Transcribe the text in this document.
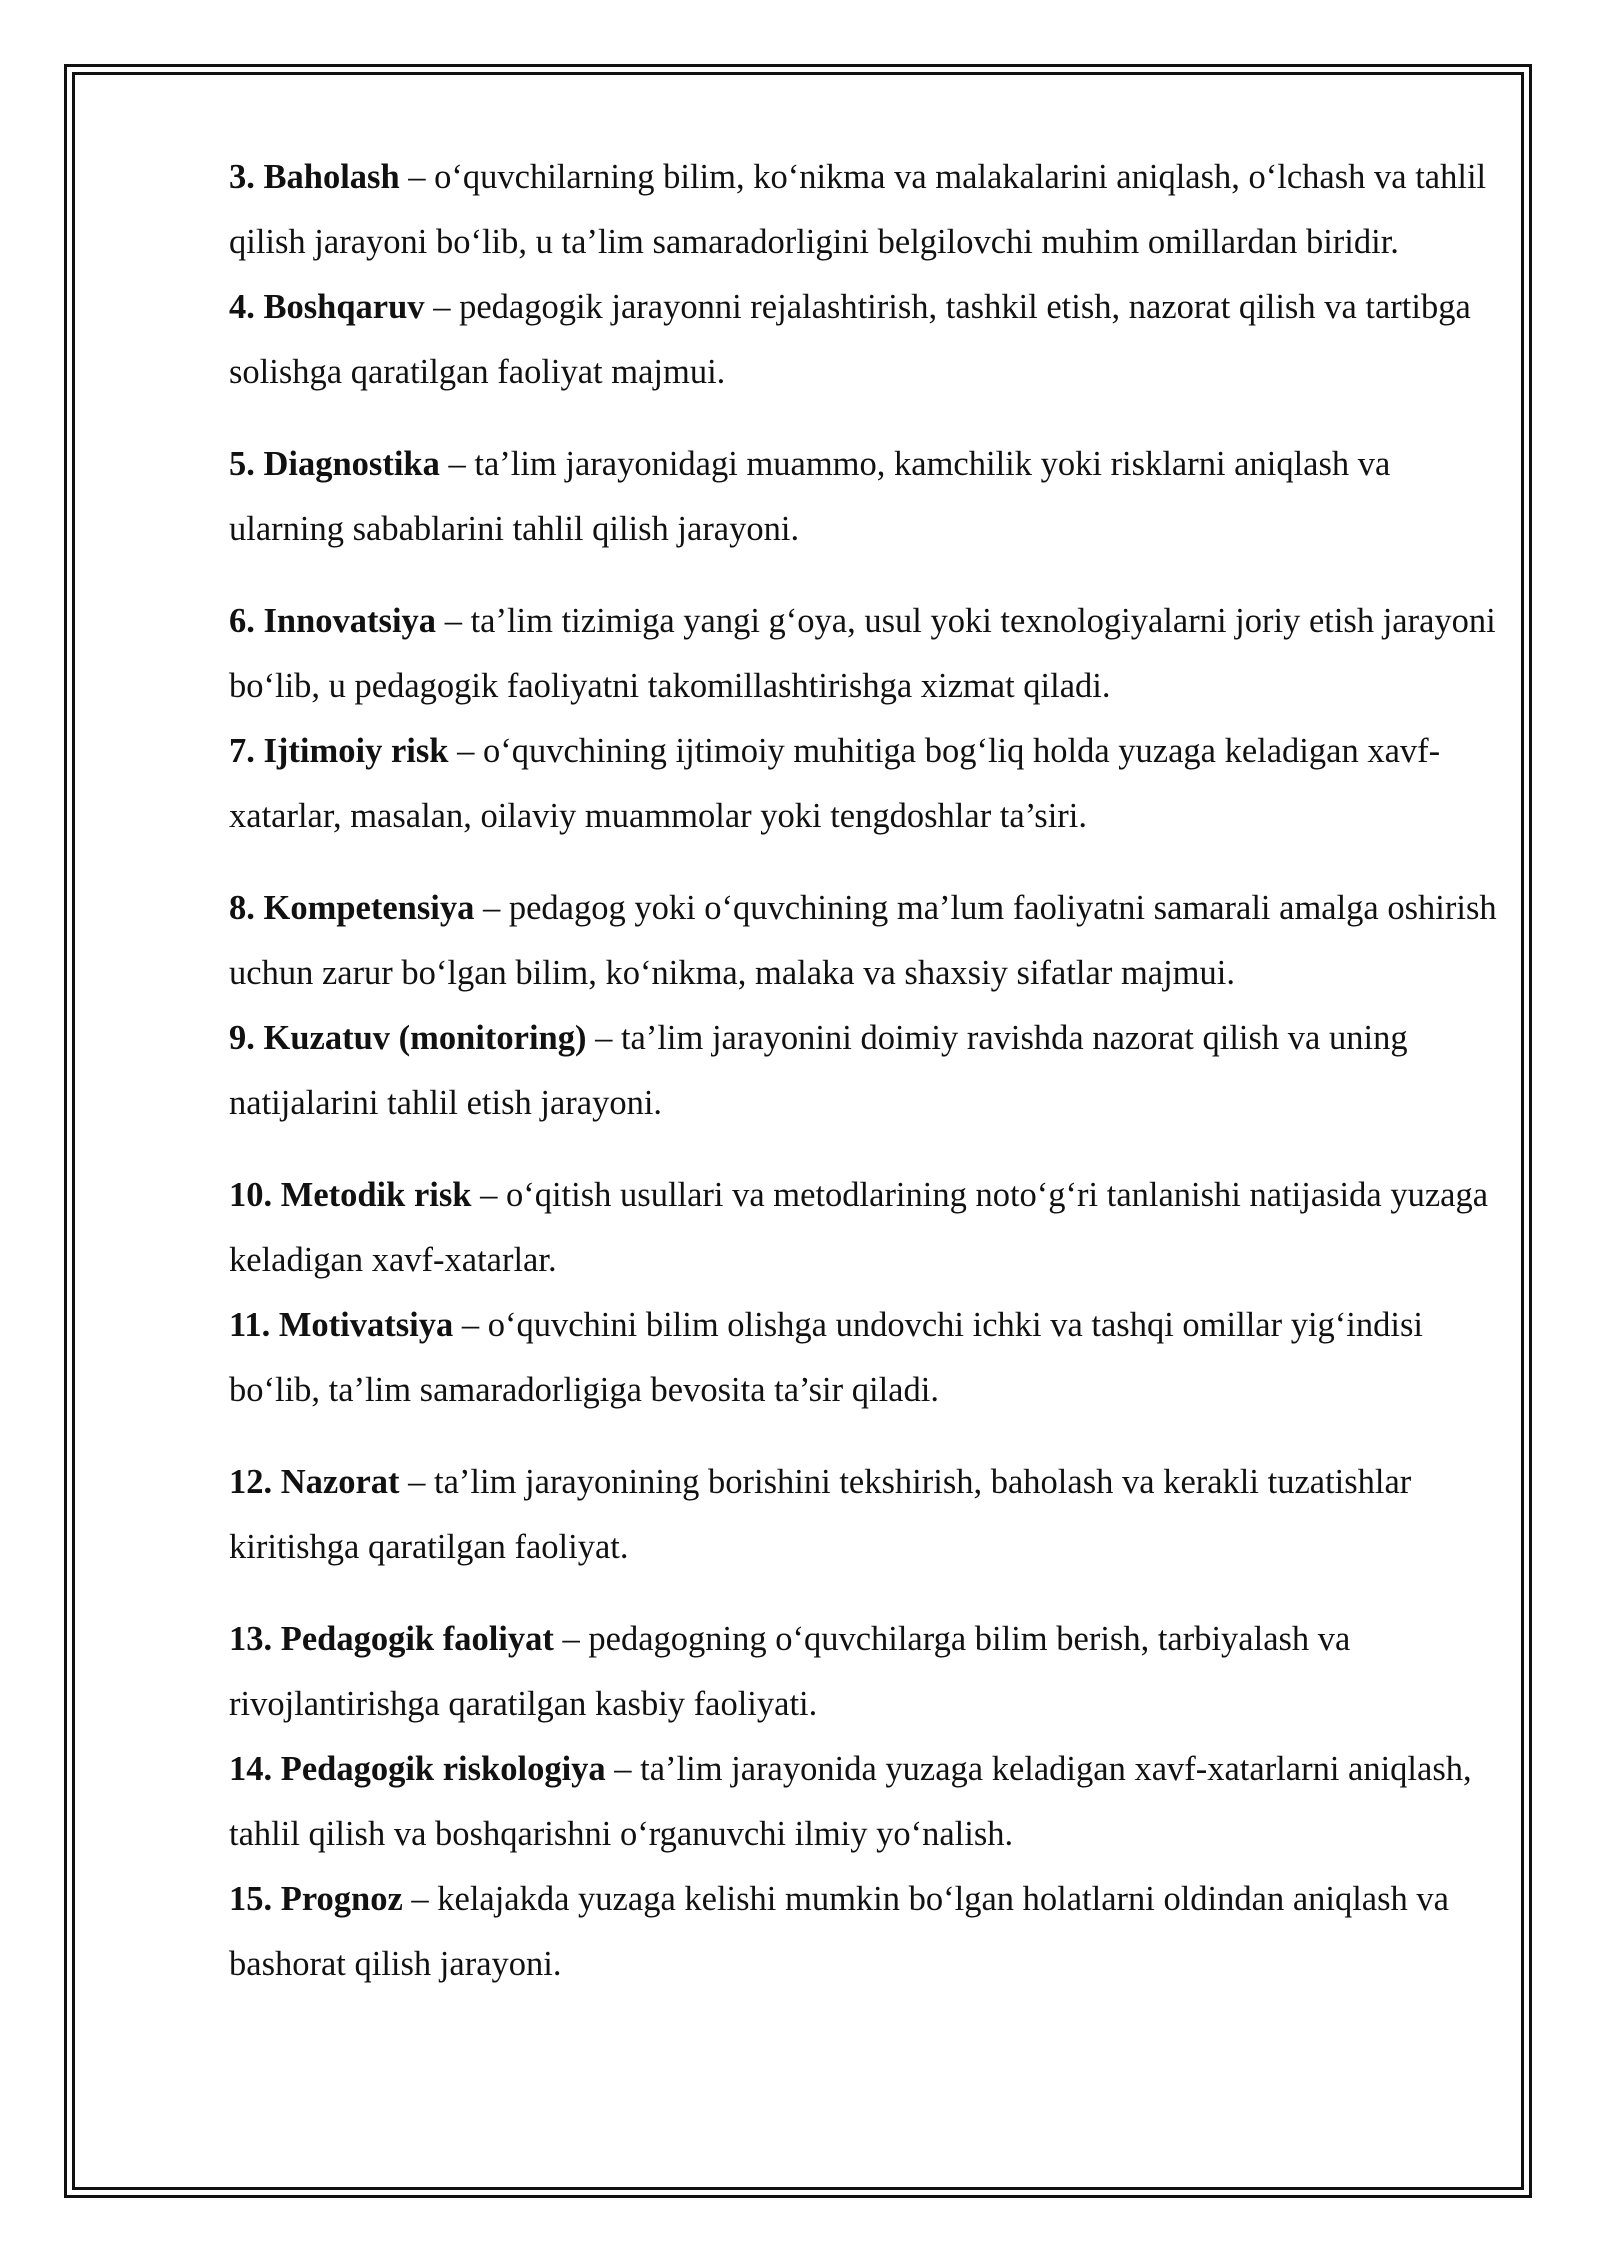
3. Baholash – o‘quvchilarning bilim, ko‘nikma va malakalarini aniqlash, o‘lchash va tahlil qilish jarayoni bo‘lib, u ta’lim samaradorligini belgilovchi muhim omillardan biridir.

4. Boshqaruv – pedagogik jarayonni rejalashtirish, tashkil etish, nazorat qilish va tartibga solishga qaratilgan faoliyat majmui.

5. Diagnostika – ta’lim jarayonidagi muammo, kamchilik yoki risklarni aniqlash va ularning sabablarini tahlil qilish jarayoni.

6. Innovatsiya – ta’lim tizimiga yangi g‘oya, usul yoki texnologiyalarni joriy etish jarayoni bo‘lib, u pedagogik faoliyatni takomillashtirishga xizmat qiladi.

7. Ijtimoiy risk – o‘quvchining ijtimoiy muhitiga bog‘liq holda yuzaga keladigan xavf-xatarlar, masalan, oilaviy muammolar yoki tengdoshlar ta’siri.

8. Kompetensiya – pedagog yoki o‘quvchining ma’lum faoliyatni samarali amalga oshirish uchun zarur bo‘lgan bilim, ko‘nikma, malaka va shaxsiy sifatlar majmui.

9. Kuzatuv (monitoring) – ta’lim jarayonini doimiy ravishda nazorat qilish va uning natijalarini tahlil etish jarayoni.

10. Metodik risk – o‘qitish usullari va metodlarining noto‘g‘ri tanlanishi natijasida yuzaga keladigan xavf-xatarlar.

11. Motivatsiya – o‘quvchini bilim olishga undovchi ichki va tashqi omillar yig‘indisi bo‘lib, ta’lim samaradorligiga bevosita ta’sir qiladi.

12. Nazorat – ta’lim jarayonining borishini tekshirish, baholash va kerakli tuzatishlar kiritishga qaratilgan faoliyat.

13. Pedagogik faoliyat – pedagogning o‘quvchilarga bilim berish, tarbiyalash va rivojlantirishga qaratilgan kasbiy faoliyati.

14. Pedagogik riskologiya – ta’lim jarayonida yuzaga keladigan xavf-xatarlarni aniqlash, tahlil qilish va boshqarishni o‘rganuvchi ilmiy yo‘nalish.

15. Prognoz – kelajakda yuzaga kelishi mumkin bo‘lgan holatlarni oldindan aniqlash va bashorat qilish jarayoni.
